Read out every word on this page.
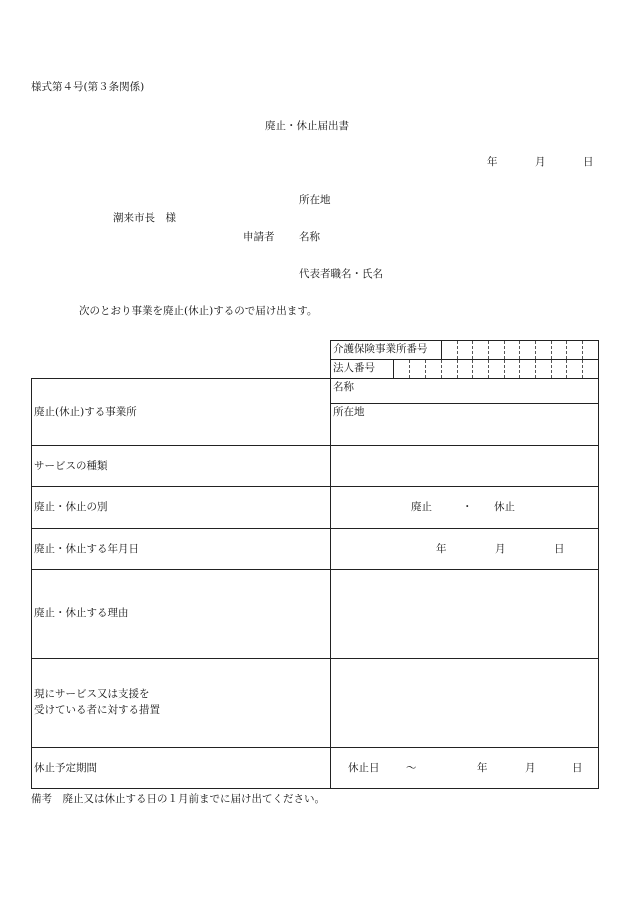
様式第４号(第３条関係)
廃止・休止届出書
年	月	日
所在地
潮来市長　様
申請者 名称
代表者職名・氏名
次のとおり事業を廃止(休止)するので届け出ます。
介護保険事業所番号
法人番号
廃止(休止)する事業所
名称
所在地
サービスの種類
廃止・休止の別	廃止	・ 休止
廃止・休止する年月日	年	月	日
廃止・休止する理由
現にサービス又は支援を
受けている者に対する措置
休止予定期間	休止日	～	年	月	日
備考　廃止又は休止する日の１月前までに届け出てください。
